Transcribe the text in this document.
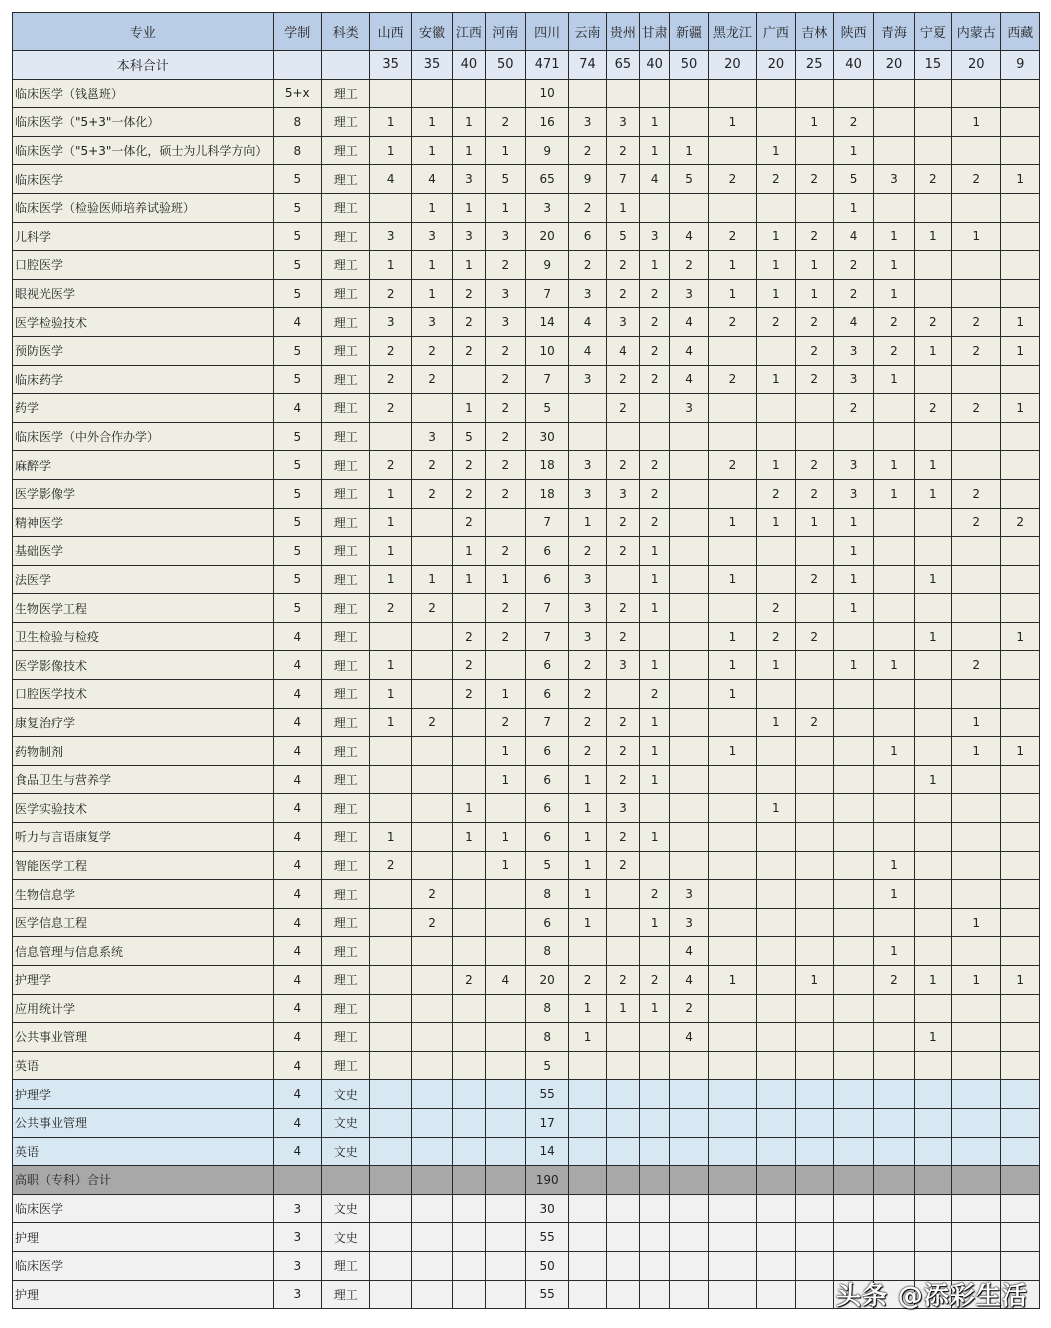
专业	学制	科类	山西	安徽	江西	河南	四川	云南	贵州	甘肃	新疆	黑龙江	广西	吉林	陕西	青海	宁夏	内蒙古	西藏
本科合计			35	35	40	50	471	74	65	40	50	20	20	25	40	20	15	20	9
临床医学（钱邕班）	5+x	理工					10												
临床医学（"5+3"一体化）	8	理工	1	1	1	2	16	3	3	1		1		1	2			1	
临床医学（"5+3"一体化，硕士为儿科学方向）	8	理工	1	1	1	1	9	2	2	1	1		1		1				
临床医学	5	理工	4	4	3	5	65	9	7	4	5	2	2	2	5	3	2	2	1
临床医学（检验医师培养试验班）	5	理工		1	1	1	3	2	1						1				
儿科学	5	理工	3	3	3	3	20	6	5	3	4	2	1	2	4	1	1	1	
口腔医学	5	理工	1	1	1	2	9	2	2	1	2	1	1	1	2	1			
眼视光医学	5	理工	2	1	2	3	7	3	2	2	3	1	1	1	2	1			
医学检验技术	4	理工	3	3	2	3	14	4	3	2	4	2	2	2	4	2	2	2	1
预防医学	5	理工	2	2	2	2	10	4	4	2	4			2	3	2	1	2	1
临床药学	5	理工	2	2		2	7	3	2	2	4	2	1	2	3	1			
药学	4	理工	2		1	2	5		2		3				2		2	2	1
临床医学（中外合作办学）	5	理工		3	5	2	30												
麻醉学	5	理工	2	2	2	2	18	3	2	2		2	1	2	3	1	1		
医学影像学	5	理工	1	2	2	2	18	3	3	2			2	2	3	1	1	2	
精神医学	5	理工	1		2		7	1	2	2		1	1	1	1			2	2
基础医学	5	理工	1		1	2	6	2	2	1					1				
法医学	5	理工	1	1	1	1	6	3		1		1		2	1		1		
生物医学工程	5	理工	2	2		2	7	3	2	1			2		1				
卫生检验与检疫	4	理工			2	2	7	3	2			1	2	2			1		1
医学影像技术	4	理工	1		2		6	2	3	1		1	1		1	1		2	
口腔医学技术	4	理工	1		2	1	6	2		2		1							
康复治疗学	4	理工	1	2		2	7	2	2	1			1	2				1	
药物制剂	4	理工				1	6	2	2	1		1				1		1	1
食品卫生与营养学	4	理工				1	6	1	2	1							1		
医学实验技术	4	理工			1		6	1	3				1						
听力与言语康复学	4	理工	1		1	1	6	1	2	1									
智能医学工程	4	理工	2			1	5	1	2							1			
生物信息学	4	理工		2			8	1		2	3					1			
医学信息工程	4	理工		2			6	1		1	3							1	
信息管理与信息系统	4	理工					8				4					1			
护理学	4	理工			2	4	20	2	2	2	4	1		1		2	1	1	1
应用统计学	4	理工					8	1	1	1	2								
公共事业管理	4	理工					8	1			4						1		
英语	4	理工					5												
护理学	4	文史					55												
公共事业管理	4	文史					17												
英语	4	文史					14												
高职（专科）合计							190												
临床医学	3	文史					30												
护理	3	文史					55												
临床医学	3	理工					50												
护理	3	理工					55													头条 @添彩生活
